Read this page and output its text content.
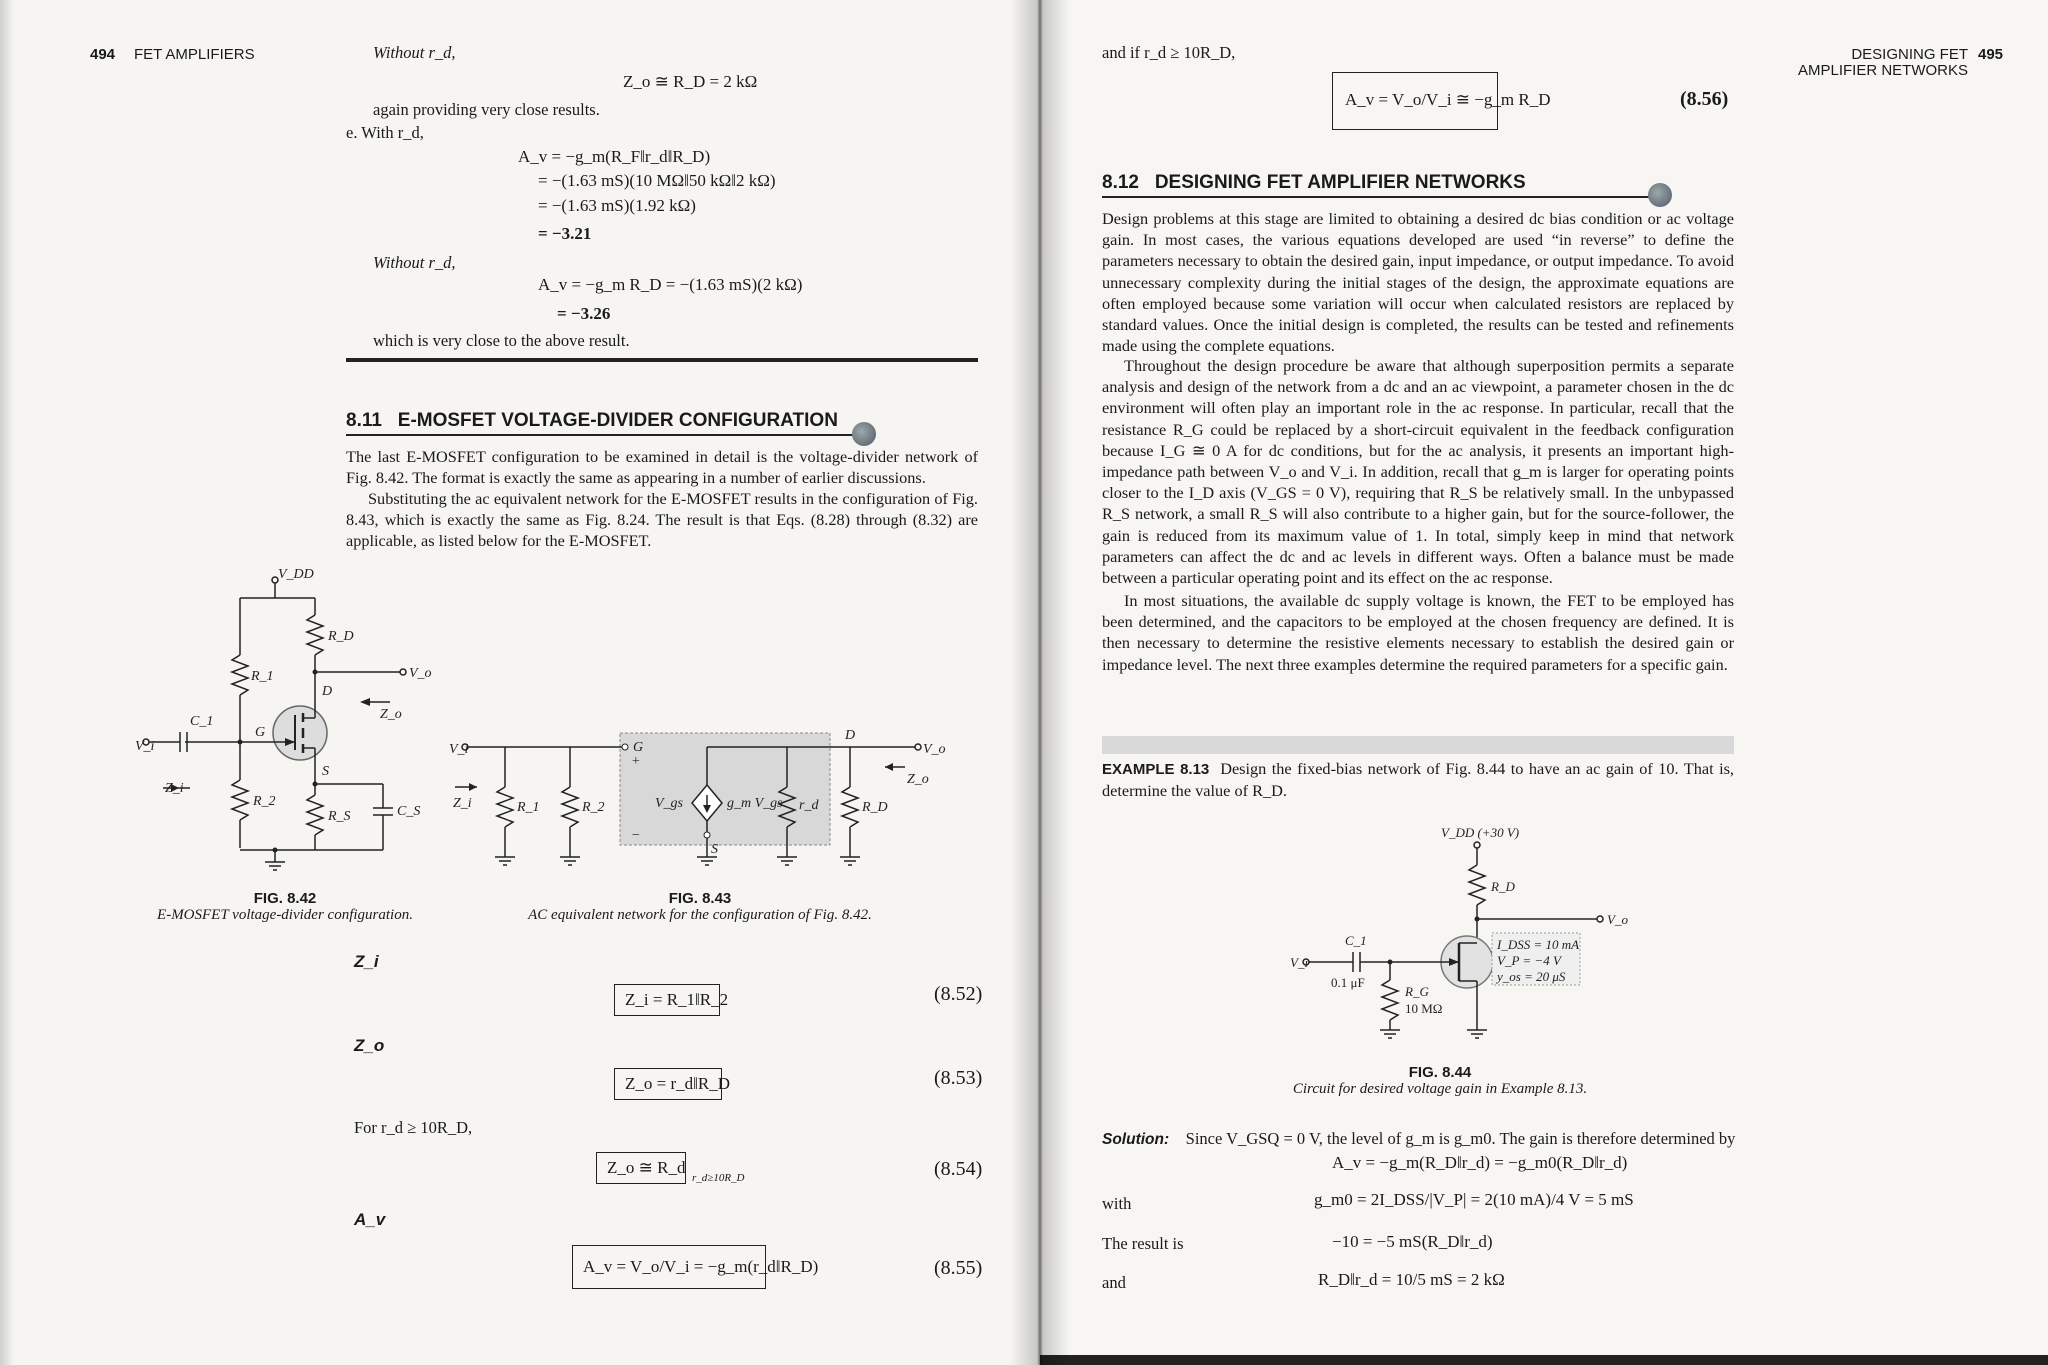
494 FET AMPLIFIERS	Without r_d,
Z_o ≅ R_D = 2 kΩ
again providing very close results.
e. With r_d,
A_v = −g_m(R_F‖r_d‖R_D)
= −(1.63 mS)(10 MΩ‖50 kΩ‖2 kΩ)
= −(1.63 mS)(1.92 kΩ)
= −3.21
Without r_d,
A_v = −g_m R_D = −(1.63 mS)(2 kΩ)
= −3.26
which is very close to the above result.
8.11 E-MOSFET VOLTAGE-DIVIDER CONFIGURATION
The last E-MOSFET configuration to be examined in detail is the voltage-divider network of Fig. 8.42. The format is exactly the same as appearing in a number of earlier discussions.
Substituting the ac equivalent network for the E-MOSFET results in the configuration of Fig. 8.43, which is exactly the same as Fig. 8.24. The result is that Eqs. (8.28) through (8.32) are applicable, as listed below for the E-MOSFET.
V_DD
R_D
R_1
R_2
R_S	C_S
C_1
V_i
V_o
Z_i
Z_o
D
G
S
FIG. 8.42
E-MOSFET voltage-divider configuration.
V_i
Z_i	R_1	R_2
G
+
V_gs	g_m V_gs
−
r_d	R_D
D
S
V_o
Z_o
FIG. 8.43
AC equivalent network for the configuration of Fig. 8.42.
Z_i
Z_i = R_1‖R_2	(8.52)
Z_o
Z_o = r_d‖R_D	(8.53)
For r_d ≥ 10R_D,
Z_o ≅ R_d
r_d≥10R_D	(8.54)
A_v
A_v = V_o/V_i = −g_m(r_d‖R_D)	(8.55)
DESIGNING FET
AMPLIFIER NETWORKS
495
and if r_d ≥ 10R_D,
A_v = V_o/V_i ≅ −g_m R_D	(8.56)
8.12 DESIGNING FET AMPLIFIER NETWORKS
Design problems at this stage are limited to obtaining a desired dc bias condition or ac voltage gain. In most cases, the various equations developed are used “in reverse” to define the parameters necessary to obtain the desired gain, input impedance, or output impedance. To avoid unnecessary complexity during the initial stages of the design, the approximate equations are often employed because some variation will occur when calculated resistors are replaced by standard values. Once the initial design is completed, the results can be tested and refinements made using the complete equations.
Throughout the design procedure be aware that although superposition permits a separate analysis and design of the network from a dc and an ac viewpoint, a parameter chosen in the dc environment will often play an important role in the ac response. In particular, recall that the resistance R_G could be replaced by a short-circuit equivalent in the feedback configuration because I_G ≅ 0 A for dc conditions, but for the ac analysis, it presents an important high-impedance path between V_o and V_i. In addition, recall that g_m is larger for operating points closer to the I_D axis (V_GS = 0 V), requiring that R_S be relatively small. In the unbypassed R_S network, a small R_S will also contribute to a higher gain, but for the source-follower, the gain is reduced from its maximum value of 1. In total, simply keep in mind that network parameters can affect the dc and ac levels in different ways. Often a balance must be made between a particular operating point and its effect on the ac response.
In most situations, the available dc supply voltage is known, the FET to be employed has been determined, and the capacitors to be employed at the chosen frequency are defined. It is then necessary to determine the resistive elements necessary to establish the desired gain or impedance level. The next three examples determine the required parameters for a specific gain.
EXAMPLE 8.13 Design the fixed-bias network of Fig. 8.44 to have an ac gain of 10. That is, determine the value of R_D.
V_DD (+30 V)
R_D
V_o
V_i
C_1
0.1 μF
R_G
10 MΩ
I_DSS = 10 mA
V_P = −4 V
y_os = 20 μS
FIG. 8.44
Circuit for desired voltage gain in Example 8.13.
Solution: Since V_GSQ = 0 V, the level of g_m is g_m0. The gain is therefore determined by
A_v = −g_m(R_D‖r_d) = −g_m0(R_D‖r_d)
with	g_m0 = 2I_DSS/|V_P| = 2(10 mA)/4 V = 5 mS
The result is	−10 = −5 mS(R_D‖r_d)
and	R_D‖r_d = 10/5 mS = 2 kΩ
